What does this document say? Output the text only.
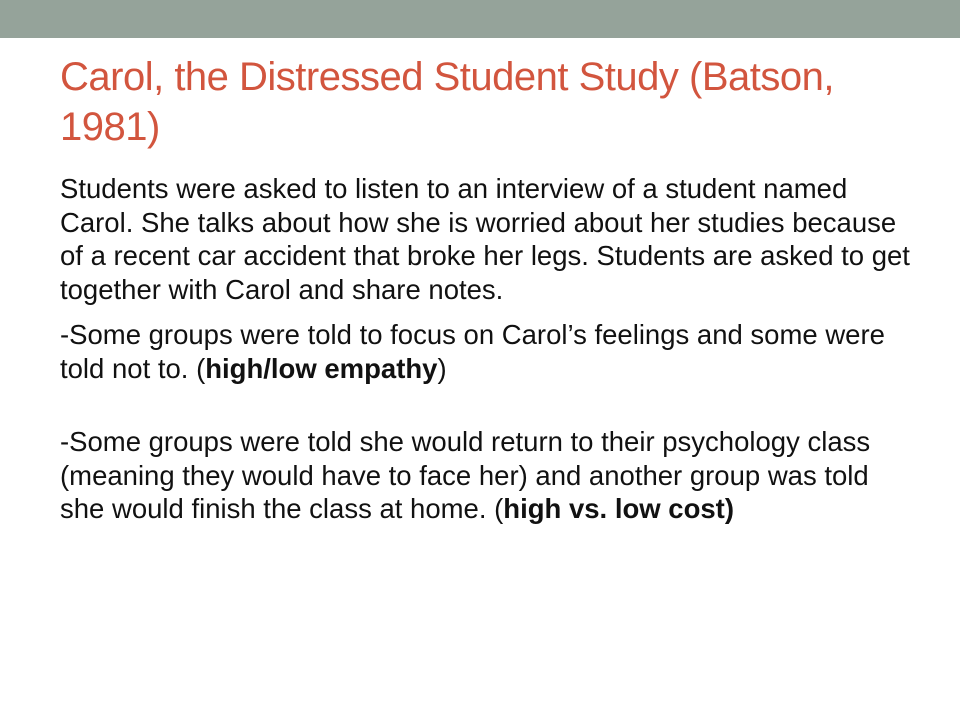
Carol, the Distressed Student Study (Batson, 1981)

Students were asked to listen to an interview of a student named Carol. She talks about how she is worried about her studies because of a recent car accident that broke her legs. Students are asked to get together with Carol and share notes.

-Some groups were told to focus on Carol’s feelings and some were told not to. (high/low empathy)

-Some groups were told she would return to their psychology class (meaning they would have to face her) and another group was told she would finish the class at home. (high vs. low cost)
